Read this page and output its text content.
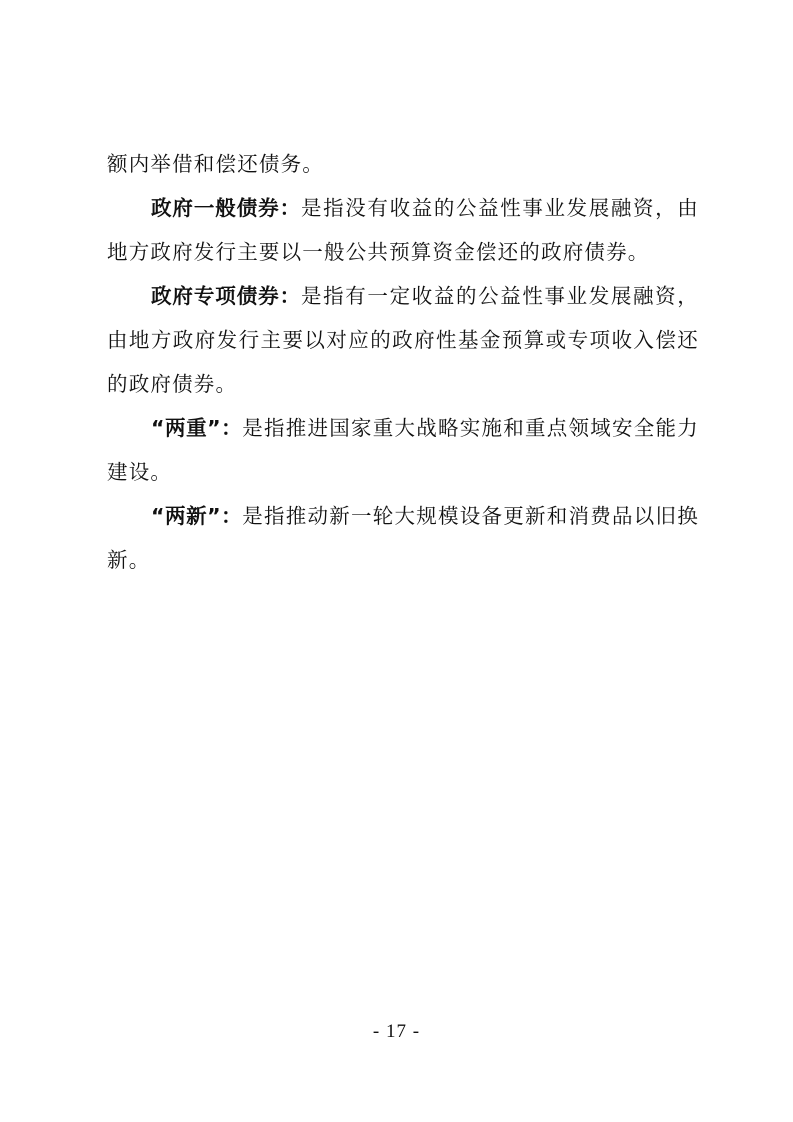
额内举借和偿还债务。

政府一般债券：是指没有收益的公益性事业发展融资，由地方政府发行主要以一般公共预算资金偿还的政府债券。

政府专项债券：是指有一定收益的公益性事业发展融资，由地方政府发行主要以对应的政府性基金预算或专项收入偿还的政府债券。

“两重”：是指推进国家重大战略实施和重点领域安全能力建设。

“两新”：是指推动新一轮大规模设备更新和消费品以旧换新。

- 17 -
